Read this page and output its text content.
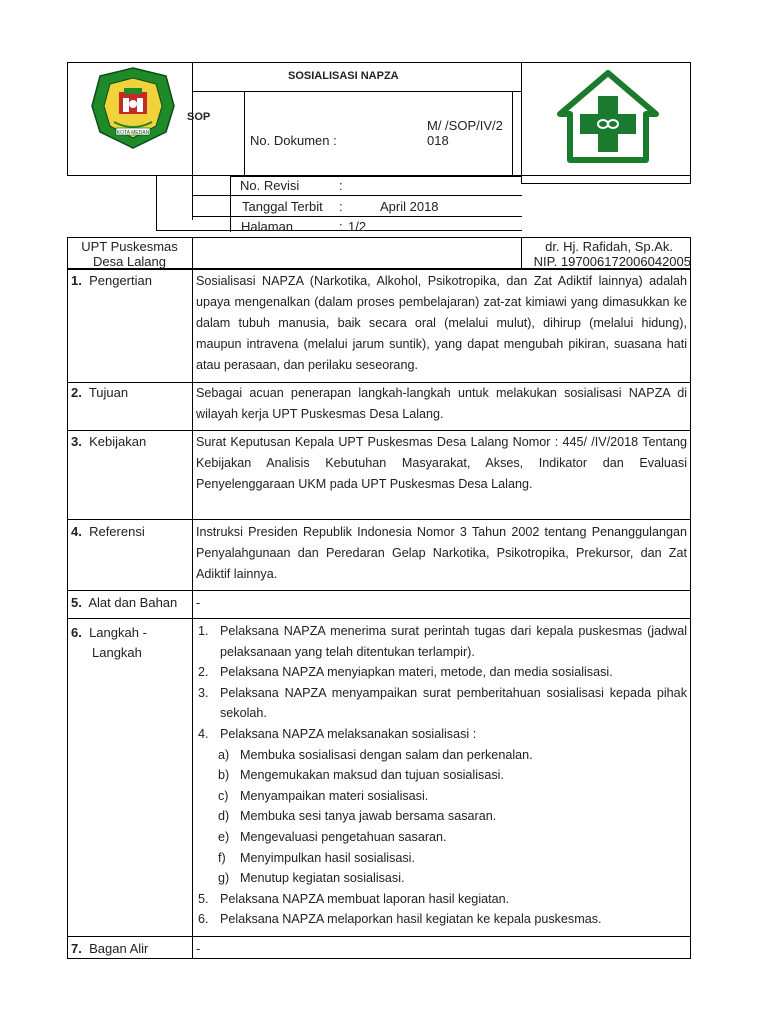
KOTA MEDAN
SOSIALISASI NAPZA
SOP
No. Dokumen :
M/ /SOP/IV/2018
No. Revisi	:
Tanggal Terbit :	April 2018
Halaman	: 1/2
UPT Puskesmas
Desa Lalang
dr. Hj. Rafidah, Sp.Ak.
NIP. 197006172006042005
1. Pengertian	Sosialisasi NAPZA (Narkotika, Alkohol, Psikotropika, dan Zat Adiktif lainnya) adalah upaya mengenalkan (dalam proses pembelajaran) zat-zat kimiawi yang dimasukkan ke dalam tubuh manusia, baik secara oral (melalui mulut), dihirup (melalui hidung), maupun intravena (melalui jarum suntik), yang dapat mengubah pikiran, suasana hati atau perasaan, dan perilaku seseorang.
2. Tujuan	Sebagai acuan penerapan langkah-langkah untuk melakukan sosialisasi NAPZA di wilayah kerja UPT Puskesmas Desa Lalang.
3. Kebijakan	Surat Keputusan Kepala UPT Puskesmas Desa Lalang Nomor : 445/ /IV/2018 Tentang Kebijakan Analisis Kebutuhan Masyarakat, Akses, Indikator dan Evaluasi Penyelenggaraan UKM pada UPT Puskesmas Desa Lalang.
4. Referensi	Instruksi Presiden Republik Indonesia Nomor 3 Tahun 2002 tentang Penanggulangan Penyalahgunaan dan Peredaran Gelap Narkotika, Psikotropika, Prekursor, dan Zat Adiktif lainnya.
5. Alat dan Bahan -
6. Langkah -
Langkah
1. Pelaksana NAPZA menerima surat perintah tugas dari kepala puskesmas (jadwal pelaksanaan yang telah ditentukan terlampir).
2. Pelaksana NAPZA menyiapkan materi, metode, dan media sosialisasi.
3. Pelaksana NAPZA menyampaikan surat pemberitahuan sosialisasi kepada pihak sekolah.
4. Pelaksana NAPZA melaksanakan sosialisasi :
a) Membuka sosialisasi dengan salam dan perkenalan.
b) Mengemukakan maksud dan tujuan sosialisasi.
c) Menyampaikan materi sosialisasi.
d) Membuka sesi tanya jawab bersama sasaran.
e) Mengevaluasi pengetahuan sasaran.
f) Menyimpulkan hasil sosialisasi.
g) Menutup kegiatan sosialisasi.
5. Pelaksana NAPZA membuat laporan hasil kegiatan.
6. Pelaksana NAPZA melaporkan hasil kegiatan ke kepala puskesmas.
7. Bagan Alir	-
